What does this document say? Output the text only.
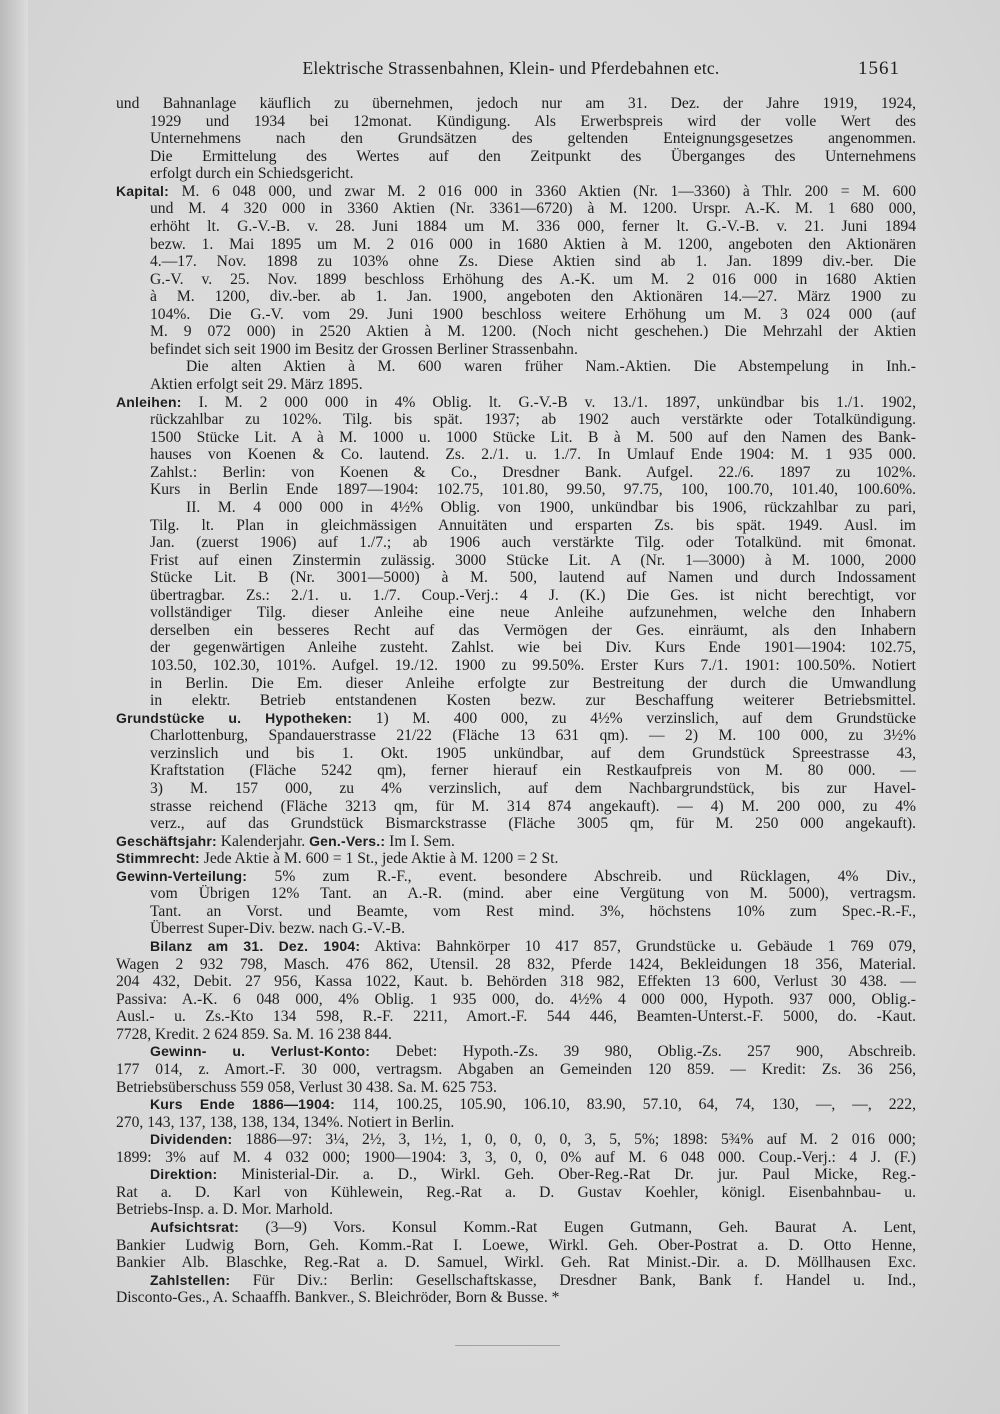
Elektrische Strassenbahnen, Klein- und Pferdebahnen etc.	1561
und Bahnanlage käuflich zu übernehmen, jedoch nur am 31. Dez. der Jahre 1919, 1924,
1929 und 1934 bei 12monat. Kündigung. Als Erwerbspreis wird der volle Wert des
Unternehmens nach den Grundsätzen des geltenden Enteignungsgesetzes angenommen.
Die Ermittelung des Wertes auf den Zeitpunkt des Überganges des Unternehmens
erfolgt durch ein Schiedsgericht.
Kapital: M. 6 048 000, und zwar M. 2 016 000 in 3360 Aktien (Nr. 1—3360) à Thlr. 200 = M. 600
und M. 4 320 000 in 3360 Aktien (Nr. 3361—6720) à M. 1200. Urspr. A.-K. M. 1 680 000,
erhöht lt. G.-V.-B. v. 28. Juni 1884 um M. 336 000, ferner lt. G.-V.-B. v. 21. Juni 1894
bezw. 1. Mai 1895 um M. 2 016 000 in 1680 Aktien à M. 1200, angeboten den Aktionären
4.—17. Nov. 1898 zu 103% ohne Zs. Diese Aktien sind ab 1. Jan. 1899 div.-ber. Die
G.-V. v. 25. Nov. 1899 beschloss Erhöhung des A.-K. um M. 2 016 000 in 1680 Aktien
à M. 1200, div.-ber. ab 1. Jan. 1900, angeboten den Aktionären 14.—27. März 1900 zu
104%. Die G.-V. vom 29. Juni 1900 beschloss weitere Erhöhung um M. 3 024 000 (auf
M. 9 072 000) in 2520 Aktien à M. 1200. (Noch nicht geschehen.) Die Mehrzahl der Aktien
befindet sich seit 1900 im Besitz der Grossen Berliner Strassenbahn.
Die alten Aktien à M. 600 waren früher Nam.-Aktien. Die Abstempelung in Inh.-
Aktien erfolgt seit 29. März 1895.
Anleihen: I. M. 2 000 000 in 4% Oblig. lt. G.-V.-B v. 13./1. 1897, unkündbar bis 1./1. 1902,
rückzahlbar zu 102%. Tilg. bis spät. 1937; ab 1902 auch verstärkte oder Totalkündigung.
1500 Stücke Lit. A à M. 1000 u. 1000 Stücke Lit. B à M. 500 auf den Namen des Bank-
hauses von Koenen & Co. lautend. Zs. 2./1. u. 1./7. In Umlauf Ende 1904: M. 1 935 000.
Zahlst.: Berlin: von Koenen & Co., Dresdner Bank. Aufgel. 22./6. 1897 zu 102%.
Kurs in Berlin Ende 1897—1904: 102.75, 101.80, 99.50, 97.75, 100, 100.70, 101.40, 100.60%.
II. M. 4 000 000 in 4½% Oblig. von 1900, unkündbar bis 1906, rückzahlbar zu pari,
Tilg. lt. Plan in gleichmässigen Annuitäten und ersparten Zs. bis spät. 1949. Ausl. im
Jan. (zuerst 1906) auf 1./7.; ab 1906 auch verstärkte Tilg. oder Totalkünd. mit 6monat.
Frist auf einen Zinstermin zulässig. 3000 Stücke Lit. A (Nr. 1—3000) à M. 1000, 2000
Stücke Lit. B (Nr. 3001—5000) à M. 500, lautend auf Namen und durch Indossament
übertragbar. Zs.: 2./1. u. 1./7. Coup.-Verj.: 4 J. (K.) Die Ges. ist nicht berechtigt, vor
vollständiger Tilg. dieser Anleihe eine neue Anleihe aufzunehmen, welche den Inhabern
derselben ein besseres Recht auf das Vermögen der Ges. einräumt, als den Inhabern
der gegenwärtigen Anleihe zusteht. Zahlst. wie bei Div. Kurs Ende 1901—1904: 102.75,
103.50, 102.30, 101%. Aufgel. 19./12. 1900 zu 99.50%. Erster Kurs 7./1. 1901: 100.50%. Notiert
in Berlin. Die Em. dieser Anleihe erfolgte zur Bestreitung der durch die Umwandlung
in elektr. Betrieb entstandenen Kosten bezw. zur Beschaffung weiterer Betriebsmittel.
Grundstücke u. Hypotheken: 1) M. 400 000, zu 4½% verzinslich, auf dem Grundstücke
Charlottenburg, Spandauerstrasse 21/22 (Fläche 13 631 qm). — 2) M. 100 000, zu 3½%
verzinslich und bis 1. Okt. 1905 unkündbar, auf dem Grundstück Spreestrasse 43,
Kraftstation (Fläche 5242 qm), ferner hierauf ein Restkaufpreis von M. 80 000. —
3) M. 157 000, zu 4% verzinslich, auf dem Nachbargrundstück, bis zur Havel-
strasse reichend (Fläche 3213 qm, für M. 314 874 angekauft). — 4) M. 200 000, zu 4%
verz., auf das Grundstück Bismarckstrasse (Fläche 3005 qm, für M. 250 000 angekauft).
Geschäftsjahr: Kalenderjahr. Gen.-Vers.: Im I. Sem.
Stimmrecht: Jede Aktie à M. 600 = 1 St., jede Aktie à M. 1200 = 2 St.
Gewinn-Verteilung: 5% zum R.-F., event. besondere Abschreib. und Rücklagen, 4% Div.,
vom Übrigen 12% Tant. an A.-R. (mind. aber eine Vergütung von M. 5000), vertragsm.
Tant. an Vorst. und Beamte, vom Rest mind. 3%, höchstens 10% zum Spec.-R.-F.,
Überrest Super-Div. bezw. nach G.-V.-B.
Bilanz am 31. Dez. 1904: Aktiva: Bahnkörper 10 417 857, Grundstücke u. Gebäude 1 769 079,
Wagen 2 932 798, Masch. 476 862, Utensil. 28 832, Pferde 1424, Bekleidungen 18 356, Material.
204 432, Debit. 27 956, Kassa 1022, Kaut. b. Behörden 318 982, Effekten 13 600, Verlust 30 438. —
Passiva: A.-K. 6 048 000, 4% Oblig. 1 935 000, do. 4½% 4 000 000, Hypoth. 937 000, Oblig.-
Ausl.- u. Zs.-Kto 134 598, R.-F. 2211, Amort.-F. 544 446, Beamten-Unterst.-F. 5000, do. -Kaut.
7728, Kredit. 2 624 859. Sa. M. 16 238 844.
Gewinn- u. Verlust-Konto: Debet: Hypoth.-Zs. 39 980, Oblig.-Zs. 257 900, Abschreib.
177 014, z. Amort.-F. 30 000, vertragsm. Abgaben an Gemeinden 120 859. — Kredit: Zs. 36 256,
Betriebsüberschuss 559 058, Verlust 30 438. Sa. M. 625 753.
Kurs Ende 1886—1904: 114, 100.25, 105.90, 106.10, 83.90, 57.10, 64, 74, 130, —, —, 222,
270, 143, 137, 138, 138, 134, 134%. Notiert in Berlin.
Dividenden: 1886—97: 3¼, 2½, 3, 1½, 1, 0, 0, 0, 0, 3, 5, 5%; 1898: 5¾% auf M. 2 016 000;
1899: 3% auf M. 4 032 000; 1900—1904: 3, 3, 0, 0, 0% auf M. 6 048 000. Coup.-Verj.: 4 J. (F.)
Direktion: Ministerial-Dir. a. D., Wirkl. Geh. Ober-Reg.-Rat Dr. jur. Paul Micke, Reg.-
Rat a. D. Karl von Kühlewein, Reg.-Rat a. D. Gustav Koehler, königl. Eisenbahnbau- u.
Betriebs-Insp. a. D. Mor. Marhold.
Aufsichtsrat: (3—9) Vors. Konsul Komm.-Rat Eugen Gutmann, Geh. Baurat A. Lent,
Bankier Ludwig Born, Geh. Komm.-Rat I. Loewe, Wirkl. Geh. Ober-Postrat a. D. Otto Henne,
Bankier Alb. Blaschke, Reg.-Rat a. D. Samuel, Wirkl. Geh. Rat Minist.-Dir. a. D. Möllhausen Exc.
Zahlstellen: Für Div.: Berlin: Gesellschaftskasse, Dresdner Bank, Bank f. Handel u. Ind.,
Disconto-Ges., A. Schaaffh. Bankver., S. Bleichröder, Born & Busse. *
